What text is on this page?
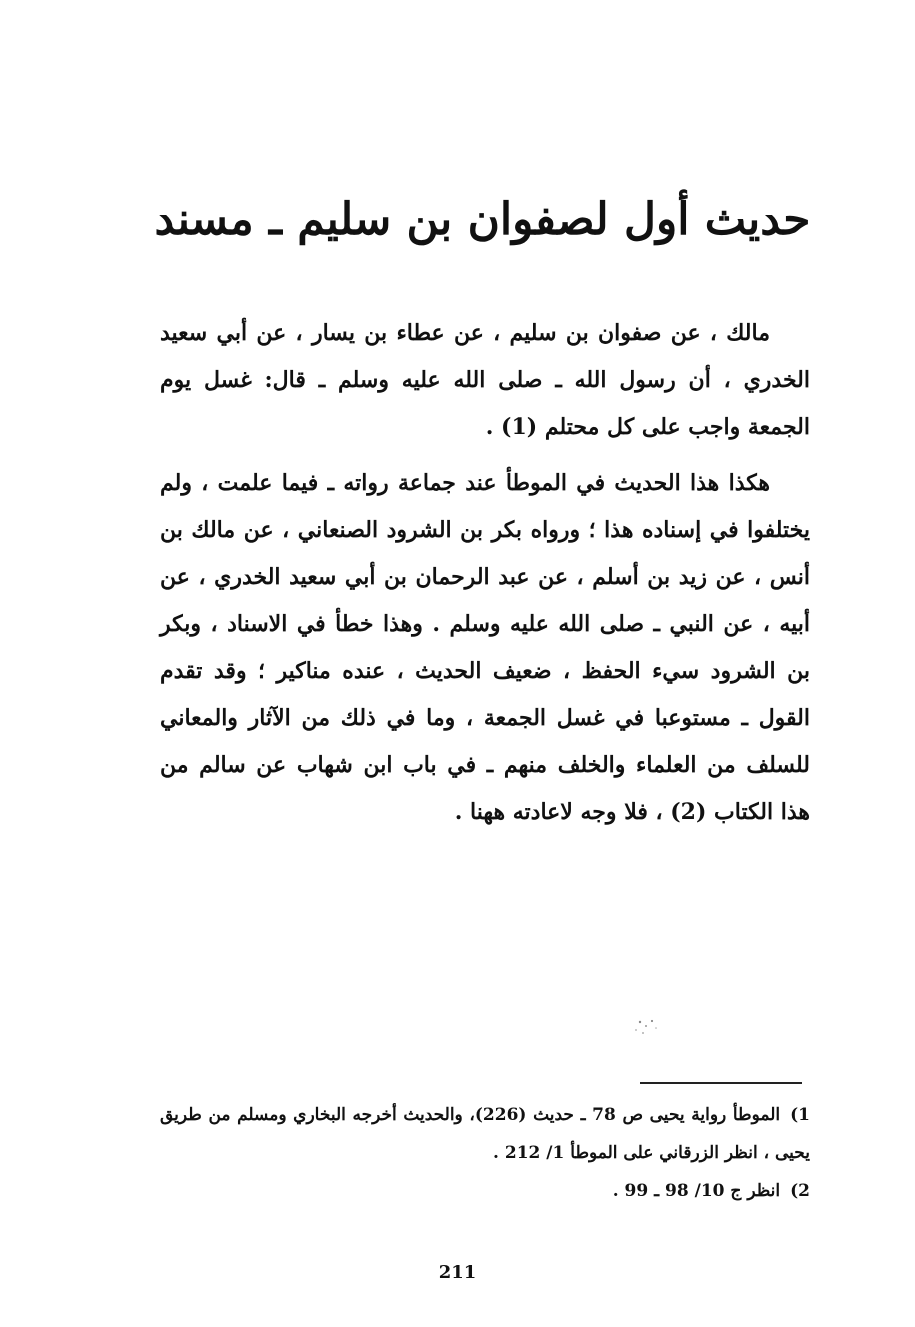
حديث أول لصفوان بن سليم ـ مسند

مالك ، عن صفوان بن سليم ، عن عطاء بن يسار ، عن أبي سعيد الخدري ، أن رسول الله ـ صلى الله عليه وسلم ـ قال: غسل يوم الجمعة واجب على كل محتلم (1) .

هكذا هذا الحديث في الموطأ عند جماعة رواته ـ فيما علمت ، ولم يختلفوا في إسناده هذا ؛ ورواه بكر بن الشرود الصنعاني ، عن مالك بن أنس ، عن زيد بن أسلم ، عن عبد الرحمان بن أبي سعيد الخدري ، عن أبيه ، عن النبي ـ صلى الله عليه وسلم . وهذا خطأ في الاسناد ، وبكر بن الشرود سيء الحفظ ، ضعيف الحديث ، عنده مناكير ؛ وقد تقدم القول ـ مستوعبا في غسل الجمعة ، وما في ذلك من الآثار والمعاني للسلف من العلماء والخلف منهم ـ في باب ابن شهاب عن سالم من هذا الكتاب (2) ، فلا وجه لاعادته ههنا .

1)الموطأ رواية يحيى ص 78 ـ حديث (226)، والحديث أخرجه البخاري ومسلم من طريق يحيى ، انظر الزرقاني على الموطأ 1/ 212 .
2)انظر ج 10/ 98 ـ 99 .
211
